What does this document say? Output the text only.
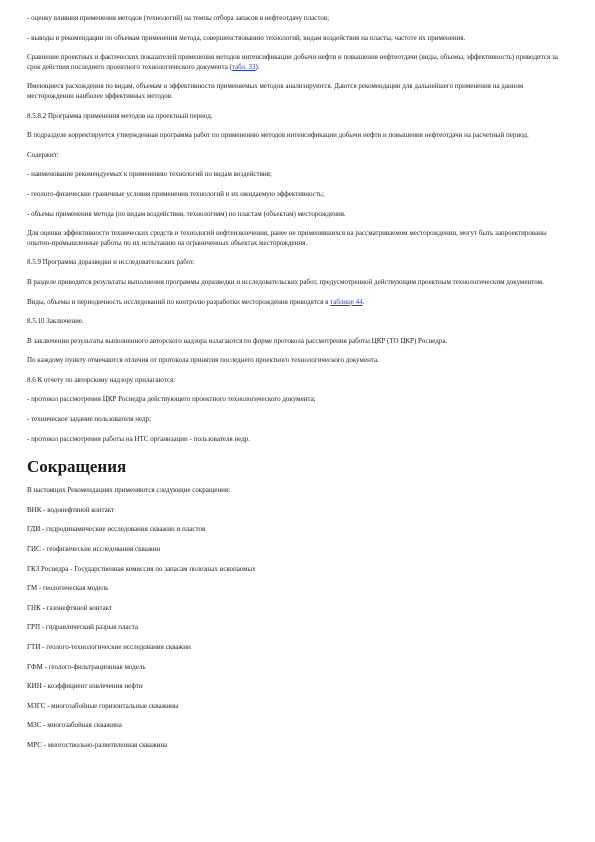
- оценку влияния применения методов (технологий) на темпы отбора запасов в нефтеотдачу пластов;

- выводы и рекомендации по объемам применения метода, совершенствованию технологий, видам воздействия на пласты, частоте их применения.

Сравнение проектных и фактических показателей применения методов интенсификации добычи нефти и повышения нефтеотдачи (виды, объемы, эффективность) приводится за срок действия последнего проектного технологического документа (табл. 33).

Имеющиеся расхождения по видам, объемам и эффективности применяемых методов анализируются. Даются рекомендации для дальнейшего применения на данном месторождении наиболее эффективных методов.

8.5.8.2 Программа применения методов на проектный период.

В подразделе корректируется утвержденная программа работ по применению методов интенсификации добычи нефти и повышения нефтеотдачи на расчетный период.

Содержит:

- наименование рекомендуемых к применению технологий по видам воздействия;

- геолого-физические граничные условия применения технологий и их ожидаемую эффективность;

- объемы применения метода (по видам воздействия, технологиям) по пластам (объектам) месторождения.

Для оценки эффективности технических средств и технологий нефтеизвлечения, ранее не применявшихся на рассматриваемом месторождении, могут быть запроектированы опытно-промышленные работы по их испытанию на ограниченных объектах месторождения.

8.5.9 Программа доразведки и исследовательских работ.

В разделе приводятся результаты выполнения программы доразведки и исследовательских работ, предусмотренной действующим проектным технологическим документом.

Виды, объемы и периодичность исследований по контролю разработки месторождения приводятся в таблице 44.

8.5.10 Заключение.

В заключении результаты выполненного авторского надзора излагаются по форме протокола рассмотрения работы ЦКР (ТО ЦКР) Роснедра.

По каждому пункту отмечаются отличия от протокола принятия последнего проектного технологического документа.

8.6 К отчету по авторскому надзору прилагаются:

- протокол рассмотрения ЦКР Роснедра действующего проектного технологического документа;

- техническое задание пользователя недр;

- протокол рассмотрения работы на НТС организации - пользователя недр.

Сокращения

В настоящих Рекомендациях применяются следующие сокращения:

ВНК - водонефтяной контакт

ГДИ - гидродинамические исследования скважин и пластов

ГИС - геофизические исследования скважин

ГКЗ Роснедра - Государственная комиссия по запасам полезных ископаемых

ГМ - геологическая модель

ГНК - газонефтяной контакт

ГРП - гидравлический разрыв пласта

ГТИ - геолого-технологические исследования скважин

ГФМ - геолого-фильтрационная модель

КИН - коэффициент извлечения нефти

МЗГС - многозабойные горизонтальные скважины

МЗС - многозабойная скважина

МРС - многоствольно-разветвленная скважина
